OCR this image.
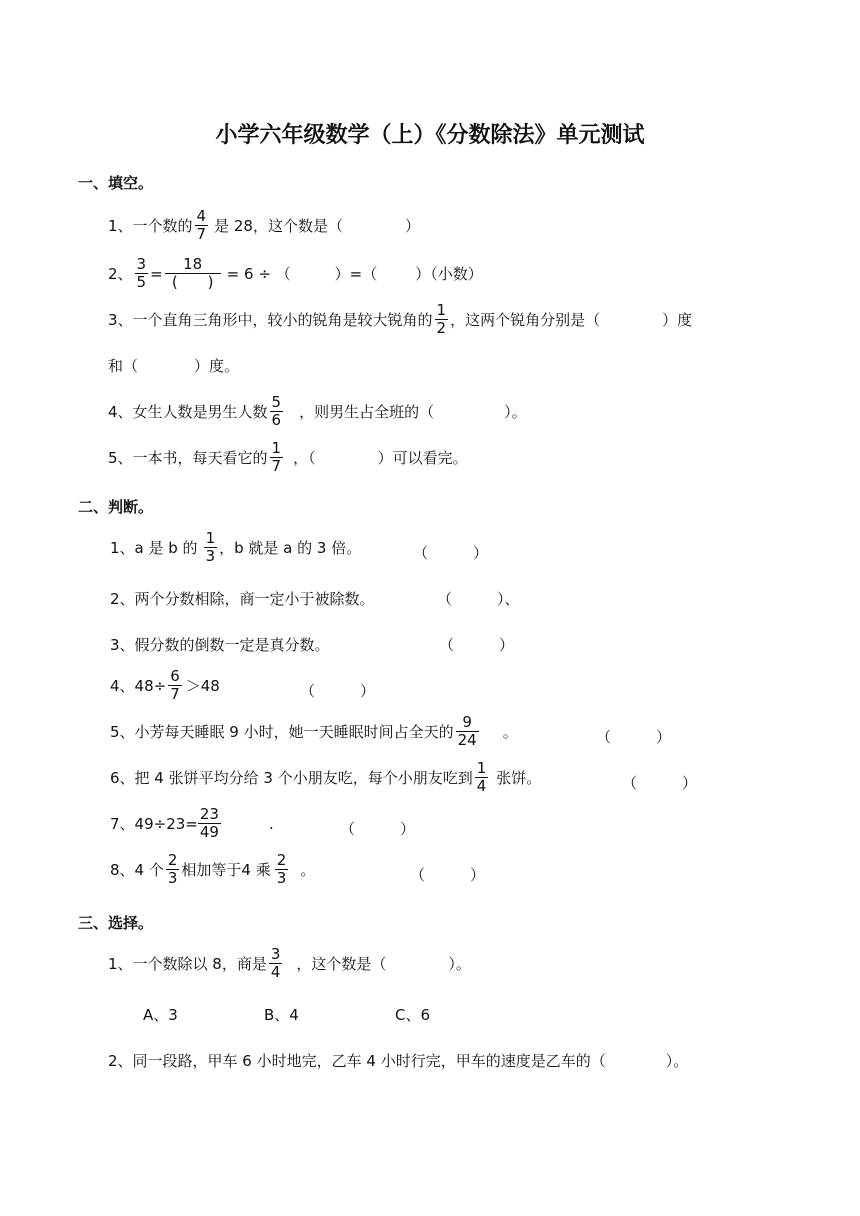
小学六年级数学（上）《分数除法》单元测试
一、填空。
1、一个数的 $\frac{4}{7}$ 是 28，这个数是（	）
2、 $\frac{3}{5} = \frac{18}{( )} = 6$ ÷ （	）=（	）（小数）
3、一个直角三角形中，较小的锐角是较大锐角的 $\frac{1}{2}$ ，这两个锐角分别是（	）度
和（	）度。
4、女生人数是男生人数 $\frac{5}{6}$ ，则男生占全班的（	）。
5、一本书，每天看它的 $\frac{1}{7}$ ，（	）可以看完。
二、判断。
1、a 是 b 的 $\frac{1}{3}$ ，b 就是 a 的 3 倍。	（　　　）
2、两个分数相除，商一定小于被除数。	（　　　）、
3、假分数的倒数一定是真分数。	（　　　）
4、$48\div \frac{6}{7} >48$	（　　　）
5、小芳每天睡眠 9 小时，她一天睡眠时间占全天的 $\frac{9}{24}$ 。	（　　　）
6、把 4 张饼平均分给 3 个小朋友吃，每个小朋友吃到 $\frac{1}{4}$ 张饼。	（　　　）
7、$49\div 23= \frac{23}{49}$	.	（　　　）
8、4 个 $\frac{2}{3}$ 相加等于4 乘 $\frac{2}{3}$ 。	（　　　）
三、选择。
1、一个数除以 8，商是 $\frac{3}{4}$ ，这个数是（	）。
A、3	B、4	C、6
2、同一段路，甲车 6 小时地完，乙车 4 小时行完，甲车的速度是乙车的（	）。
